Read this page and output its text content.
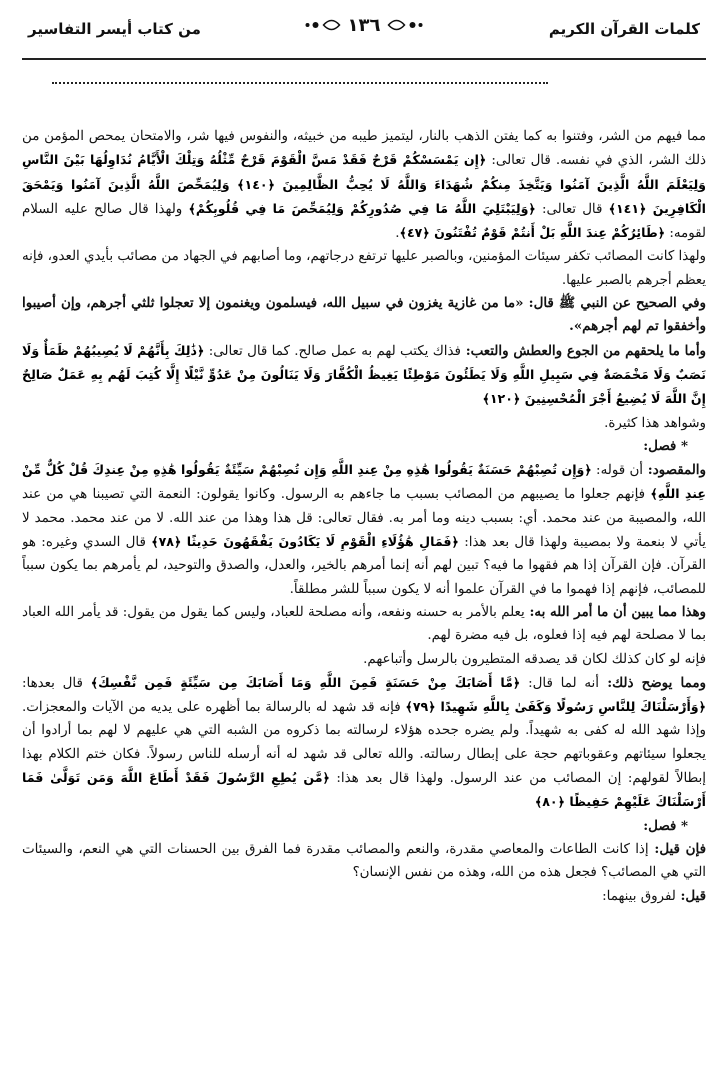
كلمات القرآن الكريم
١٣٦
من كتاب أيسر التفاسير

مما فيهم من الشر، وفتنوا به كما يفتن الذهب بالنار، ليتميز طيبه من خبيثه، والنفوس فيها شر، والامتحان يمحص المؤمن من ذلك الشر، الذي في نفسه. قال تعالى: ﴿إِن يَمْسَسْكُمْ قَرْحٌ فَقَدْ مَسَّ الْقَوْمَ قَرْحٌ مِّثْلُهُ وَتِلْكَ الْأَيَّامُ نُدَاوِلُهَا بَيْنَ النَّاسِ وَلِيَعْلَمَ اللَّهُ الَّذِينَ آمَنُوا وَيَتَّخِذَ مِنكُمْ شُهَدَاءَ وَاللَّهُ لَا يُحِبُّ الظَّالِمِينَ ﴿١٤٠﴾ وَلِيُمَحِّصَ اللَّهُ الَّذِينَ آمَنُوا وَيَمْحَقَ الْكَافِرِينَ ﴿١٤١﴾ قال تعالى: ﴿وَلِيَبْتَلِيَ اللَّهُ مَا فِي صُدُورِكُمْ وَلِيُمَحِّصَ مَا فِي قُلُوبِكُمْ﴾ ولهذا قال صالح عليه السلام لقومه: ﴿طَائِرُكُمْ عِندَ اللَّهِ بَلْ أَنتُمْ قَوْمٌ تُفْتَنُونَ ﴿٤٧﴾.

ولهذا كانت المصائب تكفر سيئات المؤمنين، وبالصبر عليها ترتفع درجاتهم، وما أصابهم في الجهاد من مصائب بأيدي العدو، فإنه يعظم أجرهم بالصبر عليها.

وفي الصحيح عن النبي ﷺ قال: «ما من غازية يغزون في سبيل الله، فيسلمون ويغنمون إلا تعجلوا ثلثي أجرهم، وإن أصيبوا وأخفقوا تم لهم أجرهم».

وأما ما يلحقهم من الجوع والعطش والتعب: فذاك يكتب لهم به عمل صالح. كما قال تعالى: ﴿ذَٰلِكَ بِأَنَّهُمْ لَا يُصِيبُهُمْ ظَمَأٌ وَلَا نَصَبٌ وَلَا مَخْمَصَةٌ فِي سَبِيلِ اللَّهِ وَلَا يَطَئُونَ مَوْطِئًا يَغِيظُ الْكُفَّارَ وَلَا يَنَالُونَ مِنْ عَدُوٍّ نَّيْلًا إِلَّا كُتِبَ لَهُم بِهِ عَمَلٌ صَالِحٌ إِنَّ اللَّهَ لَا يُضِيعُ أَجْرَ الْمُحْسِنِينَ ﴿١٢٠﴾

وشواهد هذا كثيرة.

* فصل:

والمقصود: أن قوله: ﴿وَإِن تُصِبْهُمْ حَسَنَةٌ يَقُولُوا هَٰذِهِ مِنْ عِندِ اللَّهِ وَإِن تُصِبْهُمْ سَيِّئَةٌ يَقُولُوا هَٰذِهِ مِنْ عِندِكَ قُلْ كُلٌّ مِّنْ عِندِ اللَّهِ﴾ فإنهم جعلوا ما يصيبهم من المصائب بسبب ما جاءهم به الرسول. وكانوا يقولون: النعمة التي تصيبنا هي من عند الله، والمصيبة من عند محمد. أي: بسبب دينه وما أمر به. فقال تعالى: قل هذا وهذا من عند الله. لا من عند محمد. محمد لا يأتي لا بنعمة ولا بمصيبة ولهذا قال بعد هذا: ﴿فَمَالِ هَٰؤُلَاءِ الْقَوْمِ لَا يَكَادُونَ يَفْقَهُونَ حَدِيثًا ﴿٧٨﴾ قال السدي وغيره: هو القرآن. فإن القرآن إذا هم فقهوا ما فيه؟ تبين لهم أنه إنما أمرهم بالخير، والعدل، والصدق والتوحيد، لم يأمرهم بما يكون سبباً للمصائب، فإنهم إذا فهموا ما في القرآن علموا أنه لا يكون سبباً للشر مطلقاً.

وهذا مما يبين أن ما أمر الله به: يعلم بالأمر به حسنه ونفعه، وأنه مصلحة للعباد، وليس كما يقول من يقول: قد يأمر الله العباد بما لا مصلحة لهم فيه إذا فعلوه، بل فيه مضرة لهم.

فإنه لو كان كذلك لكان قد يصدقه المتطيرون بالرسل وأتباعهم.

ومما يوضح ذلك: أنه لما قال: ﴿مَّا أَصَابَكَ مِنْ حَسَنَةٍ فَمِنَ اللَّهِ وَمَا أَصَابَكَ مِن سَيِّئَةٍ فَمِن نَّفْسِكَ﴾ قال بعدها: ﴿وَأَرْسَلْنَاكَ لِلنَّاسِ رَسُولًا وَكَفَىٰ بِاللَّهِ شَهِيدًا ﴿٧٩﴾ فإنه قد شهد له بالرسالة بما أظهره على يديه من الآيات والمعجزات. وإذا شهد الله له كفى به شهيداً. ولم يضره جحده هؤلاء لرسالته بما ذكروه من الشبه التي هي عليهم لا لهم بما أرادوا أن يجعلوا سيئاتهم وعقوباتهم حجة على إبطال رسالته. والله تعالى قد شهد له أنه أرسله للناس رسولاً. فكان ختم الكلام بهذا إبطالاً لقولهم: إن المصائب من عند الرسول. ولهذا قال بعد هذا: ﴿مَّن يُطِعِ الرَّسُولَ فَقَدْ أَطَاعَ اللَّهَ وَمَن تَوَلَّىٰ فَمَا أَرْسَلْنَاكَ عَلَيْهِمْ حَفِيظًا ﴿٨٠﴾

* فصل:

فإن قيل: إذا كانت الطاعات والمعاصي مقدرة، والنعم والمصائب مقدرة فما الفرق بين الحسنات التي هي النعم، والسيئات التي هي المصائب؟ فجعل هذه من الله، وهذه من نفس الإنسان؟

قيل: لفروق بينهما:
